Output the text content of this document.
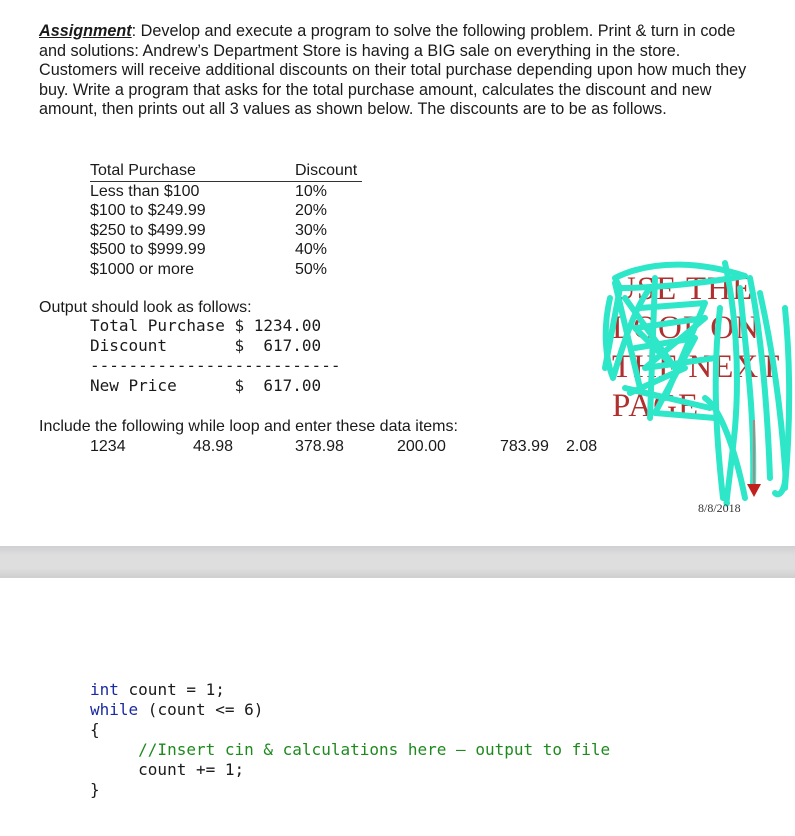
Assignment: Develop and execute a program to solve the following problem. Print & turn in code and solutions: Andrew’s Department Store is having a BIG sale on everything in the store. Customers will receive additional discounts on their total purchase depending upon how much they buy. Write a program that asks for the total purchase amount, calculates the discount and new amount, then prints out all 3 values as shown below. The discounts are to be as follows.

Total Purchase	Discount
Less than $100	10%
$100 to $249.99	20%
$250 to $499.99	30%
$500 to $999.99	40%
$1000 or more	50%
Output should look as follows:
Total Purchase $ 1234.00
Discount       $  617.00
--------------------------
New Price      $  617.00
Include the following while loop and enter these data items:
1234	48.98	378.98	200.00	783.99 2.08
USE THE LOOP ON THE NEXT PAGE
8/8/2018
int count = 1;
while (count <= 6)
{
//Insert cin & calculations here – output to file
count += 1;
}
